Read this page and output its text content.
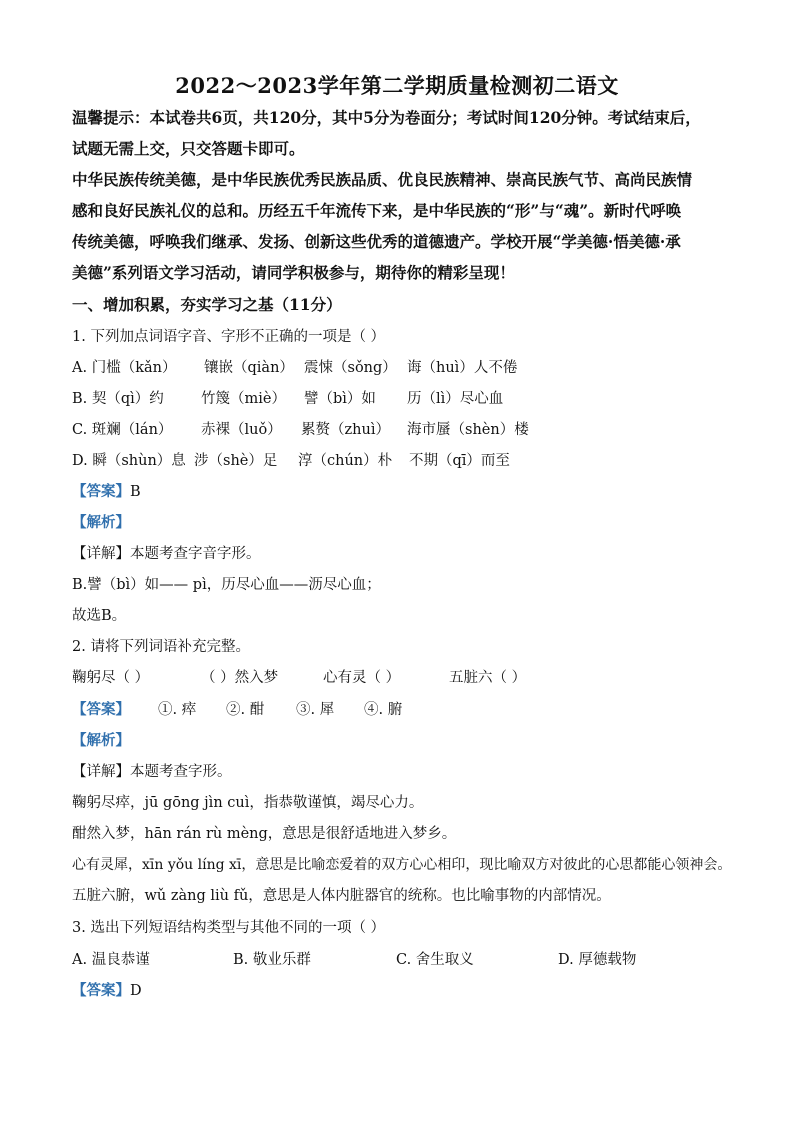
2022～2023学年第二学期质量检测初二语文
温馨提示：本试卷共6页，共120分，其中5分为卷面分；考试时间120分钟。考试结束后，
试题无需上交，只交答题卡即可。
中华民族传统美德，是中华民族优秀民族品质、优良民族精神、崇高民族气节、高尚民族情
感和良好民族礼仪的总和。历经五千年流传下来，是中华民族的“形”与“魂”。新时代呼唤
传统美德，呼唤我们继承、发扬、创新这些优秀的道德遗产。学校开展“学美德·悟美德·承
美德”系列语文学习活动，请同学积极参与，期待你的精彩呈现！
一、增加积累，夯实学习之基（11分）
1. 下列加点词语字音、字形不正确的一项是（ ）
A. 门槛（kǎn） 镶嵌（qiàn） 震悚（sǒng） 诲（huì）人不倦
B. 契（qì）约	竹篾（miè） 譬（bì）如 历（lì）尽心血
C. 斑斓（lán） 赤裸（luǒ） 累赘（zhuì） 海市蜃（shèn）楼
D. 瞬（shùn）息 涉（shè）足 淳（chún）朴 不期（qī）而至
【答案】B
【解析】
【详解】本题考查字音字形。
B.譬（bì）如—— pì，历尽心血——沥尽心血；
故选B。
2. 请将下列词语补充完整。
鞠躬尽（ ）	（ ）然入梦	心有灵（ ）	五脏六（ ）
【答案】 ①. 瘁 ②. 酣 ③. 犀 ④. 腑
【解析】
【详解】本题考查字形。
鞠躬尽瘁，jū gōng jìn cuì，指恭敬谨慎，竭尽心力。
酣然入梦，hān rán rù mèng，意思是很舒适地进入梦乡。
心有灵犀，xīn yǒu líng xī，意思是比喻恋爱着的双方心心相印，现比喻双方对彼此的心思都能心领神会。
五脏六腑，wǔ zàng liù fǔ，意思是人体内脏器官的统称。也比喻事物的内部情况。
3. 选出下列短语结构类型与其他不同的一项（ ）
A. 温良恭谨	B. 敬业乐群	C. 舍生取义	D. 厚德载物
【答案】D
